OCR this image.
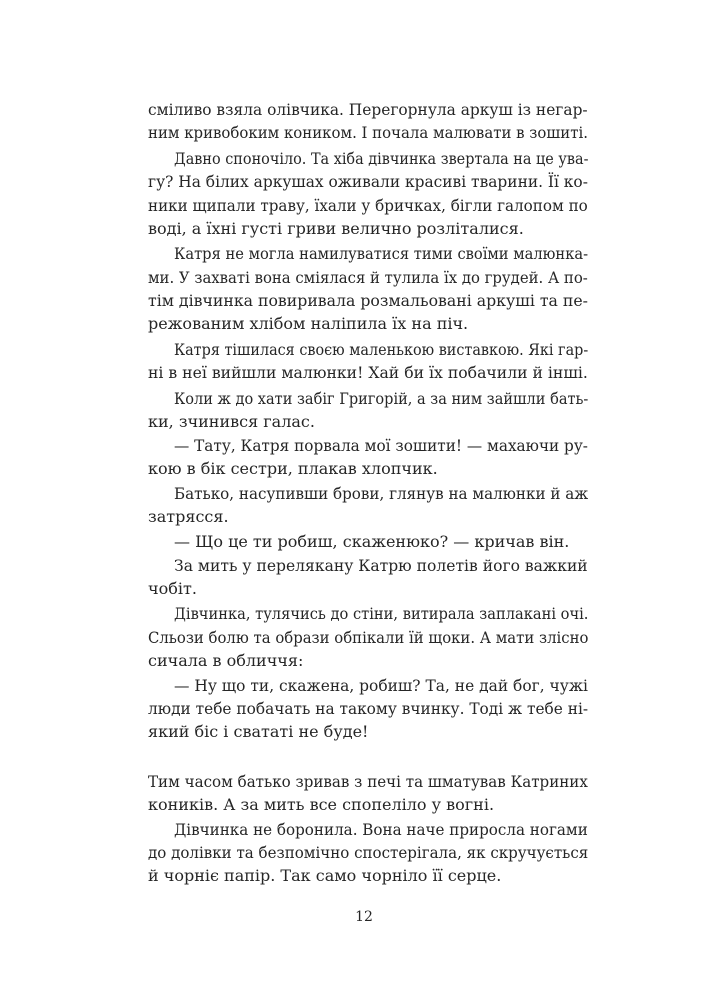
сміливо взяла олівчика. Перегорнула аркуш із негар-
ним кривобоким коником. І почала малювати в зошиті.
Давно споночіло. Та хіба дівчинка звертала на це ува-
гу? На білих аркушах оживали красиві тварини. Її ко-
ники щипали траву, їхали у бричках, бігли галопом по
воді, а їхні густі гриви велично розліталися.
Катря не могла намилуватися тими своїми малюнка-
ми. У захваті вона сміялася й тулила їх до грудей. А по-
тім дівчинка повиривала розмальовані аркуші та пе-
режованим хлібом наліпила їх на піч.
Катря тішилася своєю маленькою виставкою. Які гар-
ні в неї вийшли малюнки! Хай би їх побачили й інші.
Коли ж до хати забіг Григорій, а за ним зайшли бать-
ки, зчинився галас.
— Тату, Катря порвала мої зошити! — махаючи ру-
кою в бік сестри, плакав хлопчик.
Батько, насупивши брови, глянув на малюнки й аж
затрясся.
— Що це ти робиш, скаженюко? — кричав він.
За мить у перелякану Катрю полетів його важкий
чобіт.
Дівчинка, тулячись до стіни, витирала заплакані очі.
Сльози болю та образи обпікали їй щоки. А мати злісно
сичала в обличчя:
— Ну що ти, скажена, робиш? Та, не дай бог, чужі
люди тебе побачать на такому вчинку. Тоді ж тебе ні-
який біс і свататі не буде!
Тим часом батько зривав з печі та шматував Катриних
коників. А за мить все спопеліло у вогні.
Дівчинка не боронила. Вона наче приросла ногами
до долівки та безпомічно спостерігала, як скручується
й чорніє папір. Так само чорніло її серце.
12
